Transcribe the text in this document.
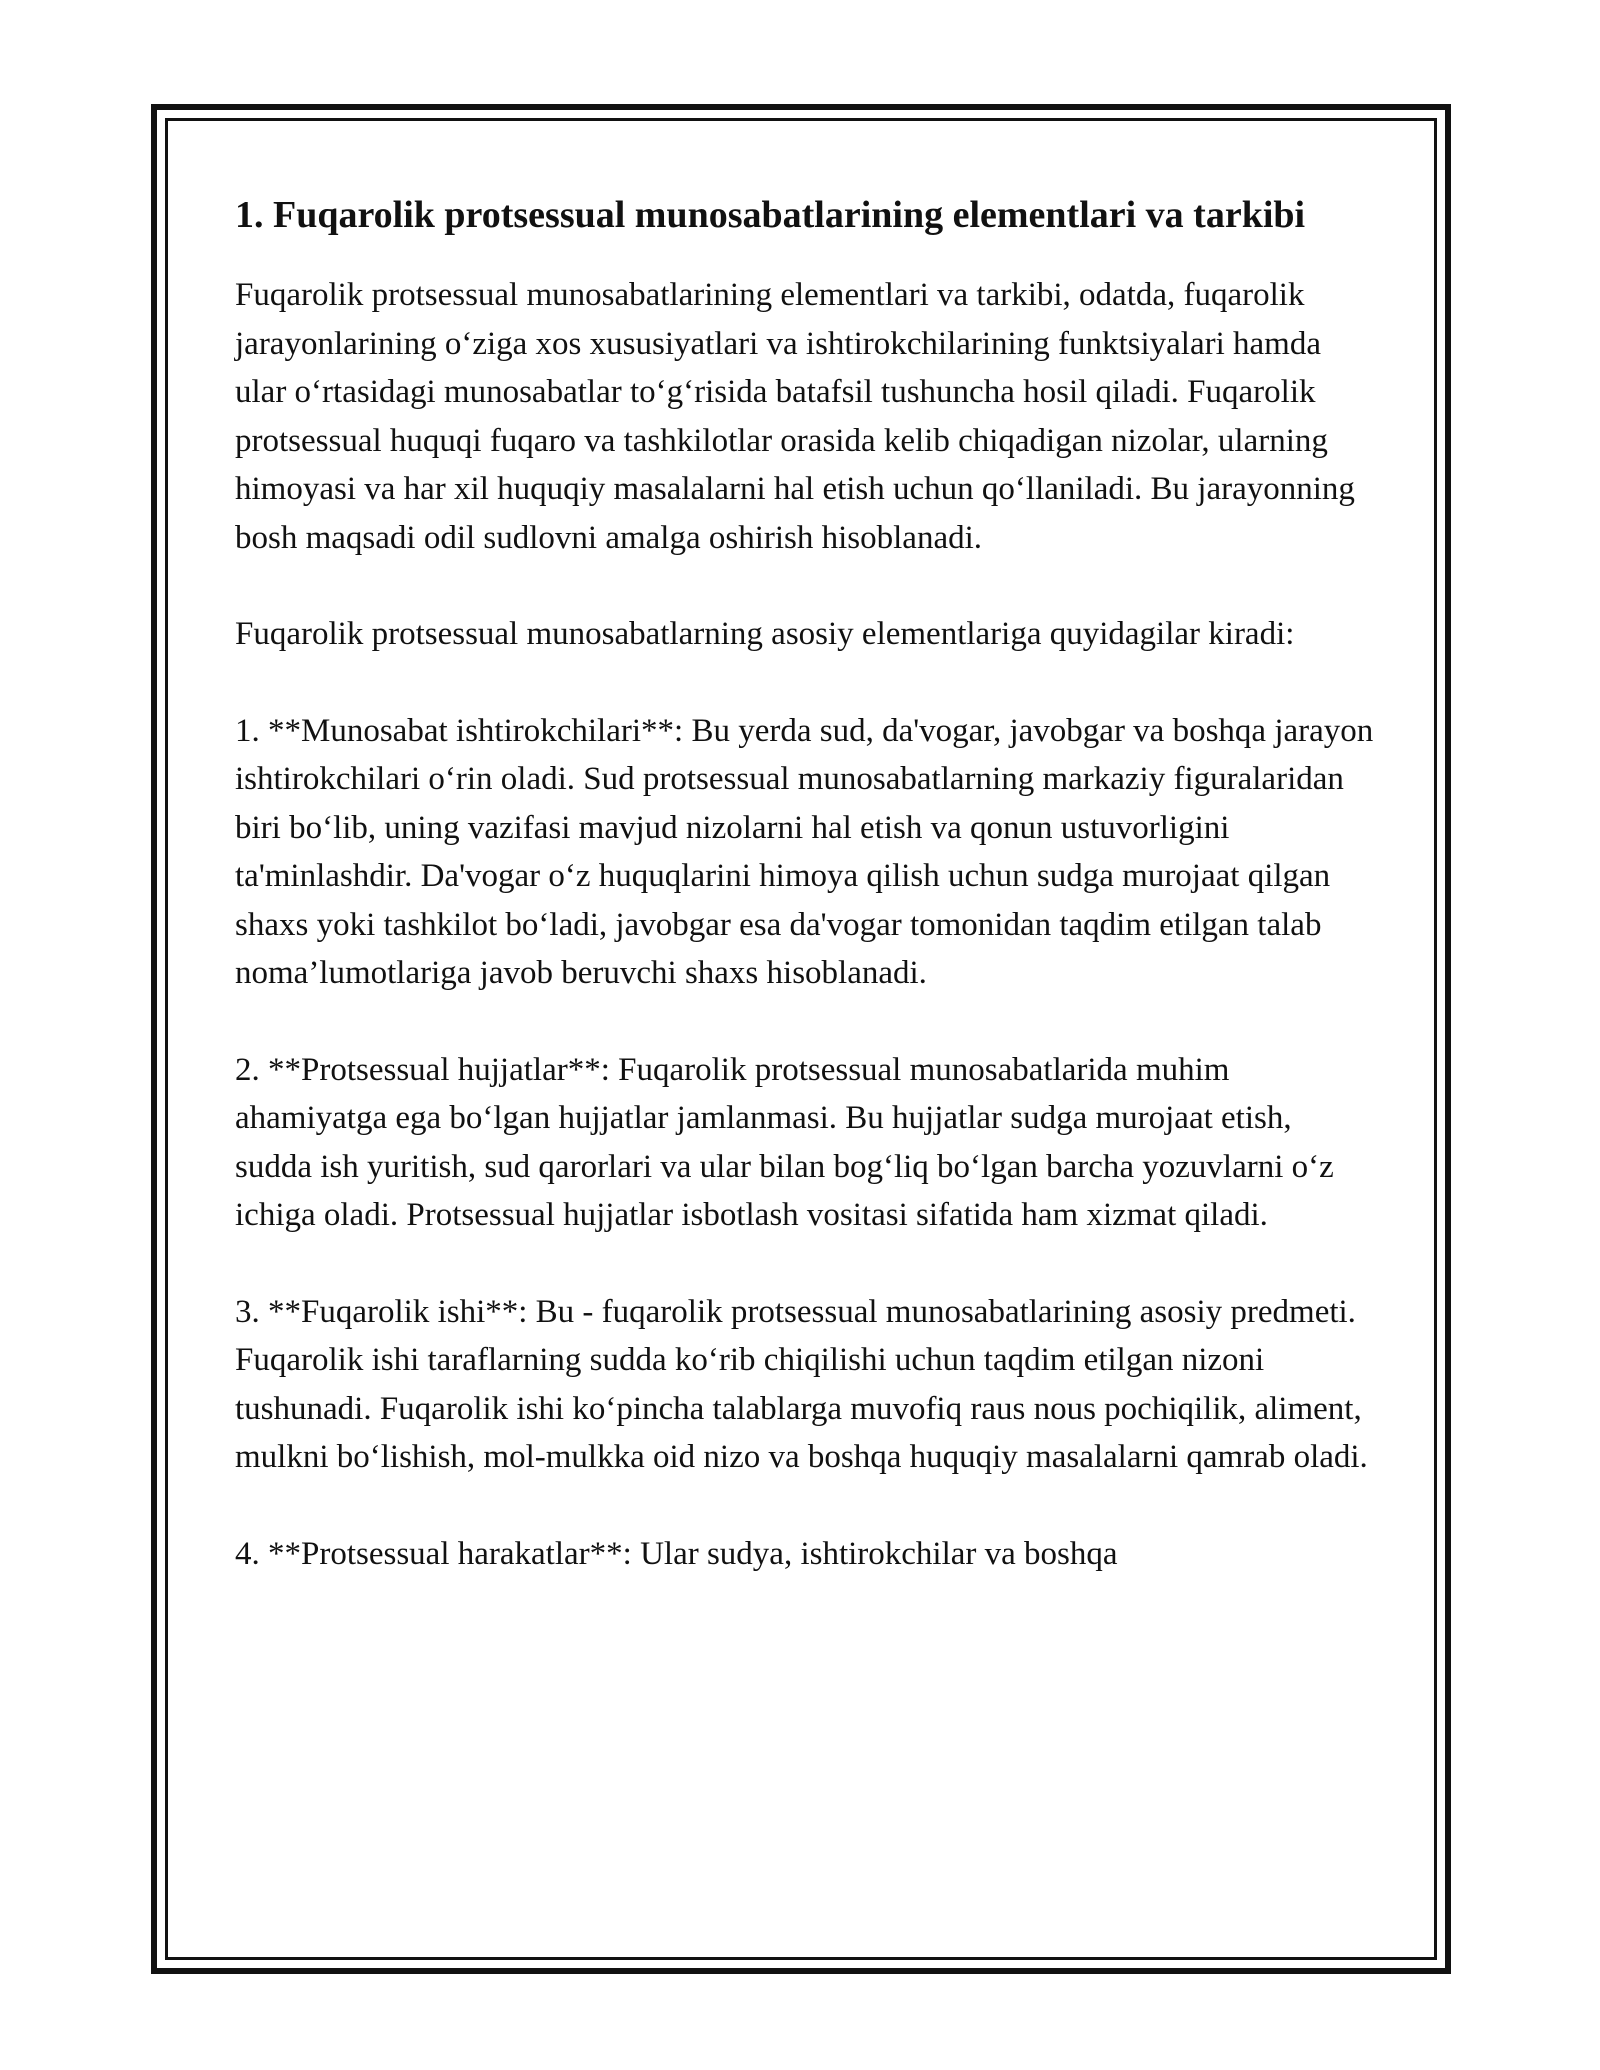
1. Fuqarolik protsessual munosabatlarining elementlari va tarkibi

Fuqarolik protsessual munosabatlarining elementlari va tarkibi, odatda, fuqarolik jarayonlarining o‘ziga xos xususiyatlari va ishtirokchilarining funktsiyalari hamda ular o‘rtasidagi munosabatlar to‘g‘risida batafsil tushuncha hosil qiladi. Fuqarolik protsessual huquqi fuqaro va tashkilotlar orasida kelib chiqadigan nizolar, ularning himoyasi va har xil huquqiy masalalarni hal etish uchun qo‘llaniladi. Bu jarayonning bosh maqsadi odil sudlovni amalga oshirish hisoblanadi.

Fuqarolik protsessual munosabatlarning asosiy elementlariga quyidagilar kiradi:

1. **Munosabat ishtirokchilari**: Bu yerda sud, da'vogar, javobgar va boshqa jarayon ishtirokchilari o‘rin oladi. Sud protsessual munosabatlarning markaziy figuralaridan biri bo‘lib, uning vazifasi mavjud nizolarni hal etish va qonun ustuvorligini ta'minlashdir. Da'vogar o‘z huquqlarini himoya qilish uchun sudga murojaat qilgan shaxs yoki tashkilot bo‘ladi, javobgar esa da'vogar tomonidan taqdim etilgan talab noma’lumotlariga javob beruvchi shaxs hisoblanadi.

2. **Protsessual hujjatlar**: Fuqarolik protsessual munosabatlarida muhim ahamiyatga ega bo‘lgan hujjatlar jamlanmasi. Bu hujjatlar sudga murojaat etish, sudda ish yuritish, sud qarorlari va ular bilan bog‘liq bo‘lgan barcha yozuvlarni o‘z ichiga oladi. Protsessual hujjatlar isbotlash vositasi sifatida ham xizmat qiladi.

3. **Fuqarolik ishi**: Bu - fuqarolik protsessual munosabatlarining asosiy predmeti. Fuqarolik ishi taraflarning sudda ko‘rib chiqilishi uchun taqdim etilgan nizoni tushunadi. Fuqarolik ishi ko‘pincha talablarga muvofiq raus nous pochiqilik, aliment, mulkni bo‘lishish, mol-mulkka oid nizo va boshqa huquqiy masalalarni qamrab oladi.

4. **Protsessual harakatlar**: Ular sudya, ishtirokchilar va boshqa
